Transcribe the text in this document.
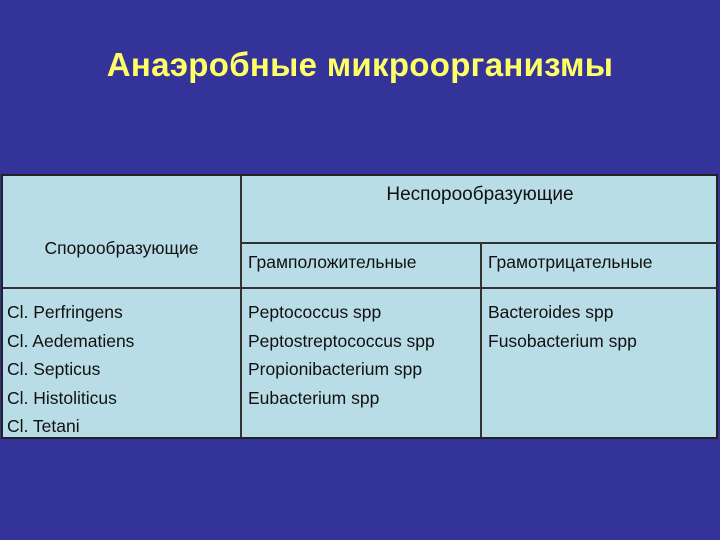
Анаэробные микроорганизмы
Неспорообразующие
Спорообразующие
Грамположительные	Грамотрицательные
Cl. Perfringens
Cl. Aedematiens
Cl. Septicus
Cl. Histoliticus
Cl. Tetani
Peptococcus spp
Peptostreptococcus spp
Propionibacterium spp
Eubacterium spp
Bacteroides spp
Fusobacterium spp
